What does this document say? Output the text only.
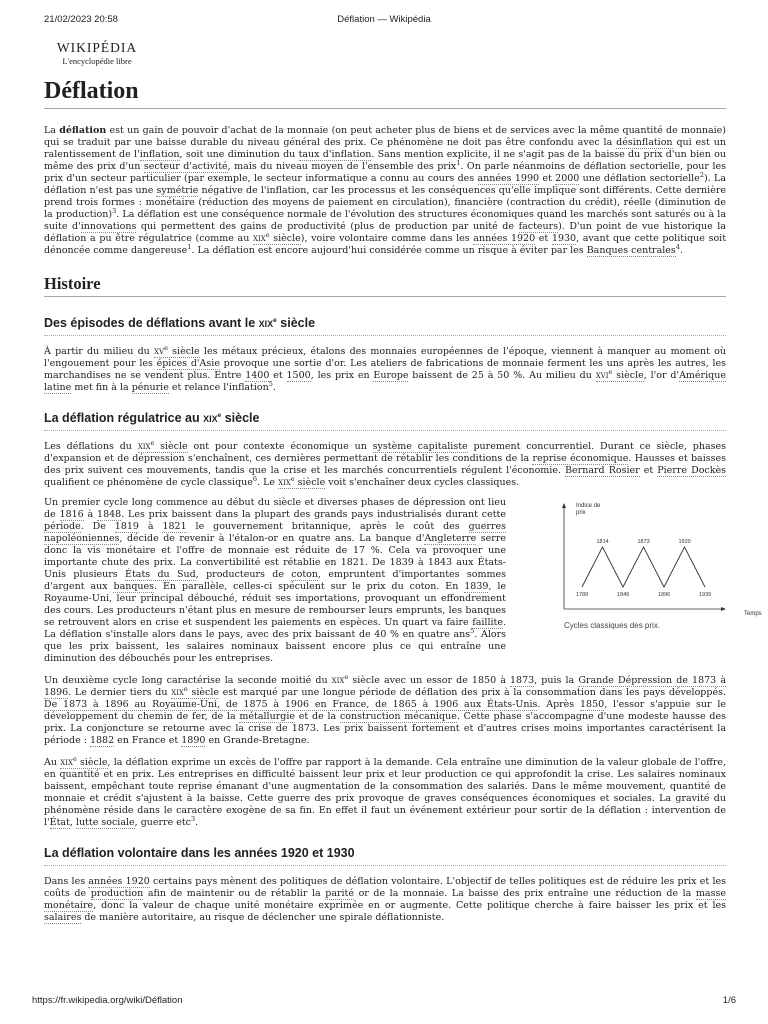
21/02/2023 20:58	Déflation — Wikipédia
WIKIPÉDIA
L'encyclopédie libre
Déflation

La déflation est un gain de pouvoir d'achat de la monnaie (on peut acheter plus de biens et de services avec la même quantité de monnaie) qui se traduit par une baisse durable du niveau général des prix. Ce phénomène ne doit pas être confondu avec la désinflation qui est un ralentissement de l'inflation, soit une diminution du taux d'inflation. Sans mention explicite, il ne s'agit pas de la baisse du prix d'un bien ou même des prix d'un secteur d'activité, mais du niveau moyen de l'ensemble des prix$^1$. On parle néanmoins de déflation sectorielle, pour les prix d'un secteur particulier (par exemple, le secteur informatique a connu au cours des années 1990 et 2000 une déflation sectorielle$^2$). La déflation n'est pas une symétrie négative de l'inflation, car les processus et les conséquences qu'elle implique sont différents. Cette dernière prend trois formes : monétaire (réduction des moyens de paiement en circulation), financière (contraction du crédit), réelle (diminution de la production)$^3$. La déflation est une conséquence normale de l'évolution des structures économiques quand les marchés sont saturés ou à la suite d'innovations qui permettent des gains de productivité (plus de production par unité de facteurs). D'un point de vue historique la déflation a pu être régulatrice (comme au xix$^e$ siècle), voire volontaire comme dans les années 1920 et 1930, avant que cette politique soit dénoncée comme dangereuse$^1$. La déflation est encore aujourd'hui considérée comme un risque à éviter par les Banques centrales$^4$.

Histoire
Des épisodes de déflations avant le xix$^e$ siècle

À partir du milieu du $xv^e$ siècle les métaux précieux, étalons des monnaies européennes de l'époque, viennent à manquer au moment où l'engouement pour les épices d'Asie provoque une sortie d'or. Les ateliers de fabrications de monnaie ferment les uns après les autres, les marchandises ne se vendent plus. Entre 1400 et 1500, les prix en Europe baissent de 25 à 50 %. Au milieu du xvi$^e$ siècle, l'or d'Amérique latine met fin à la pénurie et relance l'inflation$^5$.

La déflation régulatrice au xix$^e$ siècle

Les déflations du xix$^e$ siècle ont pour contexte économique un système capitaliste purement concurrentiel. Durant ce siècle, phases d'expansion et de dépression s'enchaînent, ces dernières permettant de rétablir les conditions de la reprise économique. Hausses et baisses des prix suivent ces mouvements, tandis que la crise et les marchés concurrentiels régulent l'économie. Bernard Rosier et Pierre Dockès qualifient ce phénomène de cycle classique$^6$. Le xix$^e$ siècle voit s'enchaîner deux cycles classiques.

Un premier cycle long commence au début du siècle et diverses phases de dépression ont lieu de 1816 à 1848. Les prix baissent dans la plupart des grands pays industrialisés durant cette période. De 1819 à 1821 le gouvernement britannique, après le coût des guerres napoléoniennes, décide de revenir à l'étalon-or en quatre ans. La banque d'Angleterre serre donc la vis monétaire et l'offre de monnaie est réduite de 17 %. Cela va provoquer une importante chute des prix. La convertibilité est rétablie en 1821. De 1839 à 1843 aux États-Unis plusieurs États du Sud, producteurs de coton, empruntent d'importantes sommes d'argent aux banques. En parallèle, celles-ci spéculent sur le prix du coton. En 1839, le Royaume-Uni, leur principal débouché, réduit ses importations, provoquant un effondrement des cours. Les producteurs n'étant plus en mesure de rembourser leurs emprunts, les banques se retrouvent alors en crise et suspendent les paiements en espèces. Un quart va faire faillite. La déflation s'installe alors dans le pays, avec des prix baissant de 40 % en quatre ans$^5$. Alors que les prix baissent, les salaires nominaux baissent encore plus ce qui entraîne une diminution des débouchés pour les entreprises.

Indice de
prix
Temps
1789
1814
1849
1873
1896
1920
1939
Cycles classiques des prix.

Un deuxième cycle long caractérise la seconde moitié du xix$^e$ siècle avec un essor de 1850 à 1873, puis la Grande Dépression de 1873 à 1896. Le dernier tiers du xix$^e$ siècle est marqué par une longue période de déflation des prix à la consommation dans les pays développés. De 1873 à 1896 au Royaume-Uni, de 1875 à 1906 en France, de 1865 à 1906 aux États-Unis. Après 1850, l'essor s'appuie sur le développement du chemin de fer, de la métallurgie et de la construction mécanique. Cette phase s'accompagne d'une modeste hausse des prix. La conjoncture se retourne avec la crise de 1873. Les prix baissent fortement et d'autres crises moins importantes caractérisent la période : 1882 en France et 1890 en Grande-Bretagne.

Au xix$^e$ siècle, la déflation exprime un excès de l'offre par rapport à la demande. Cela entraîne une diminution de la valeur globale de l'offre, en quantité et en prix. Les entreprises en difficulté baissent leur prix et leur production ce qui approfondit la crise. Les salaires nominaux baissent, empêchant toute reprise émanant d'une augmentation de la consommation des salariés. Dans le même mouvement, quantité de monnaie et crédit s'ajustent à la baisse. Cette guerre des prix provoque de graves conséquences économiques et sociales. La gravité du phénomène réside dans le caractère exogène de sa fin. En effet il faut un événement extérieur pour sortir de la déflation : intervention de l'État, lutte sociale, guerre etc$^3$.

La déflation volontaire dans les années 1920 et 1930

Dans les années 1920 certains pays mènent des politiques de déflation volontaire. L'objectif de telles politiques est de réduire les prix et les coûts de production afin de maintenir ou de rétablir la parité or de la monnaie. La baisse des prix entraîne une réduction de la masse monétaire, donc la valeur de chaque unité monétaire exprimée en or augmente. Cette politique cherche à faire baisser les prix et les salaires de manière autoritaire, au risque de déclencher une spirale déflationniste.

https://fr.wikipedia.org/wiki/Déflation	1/6
